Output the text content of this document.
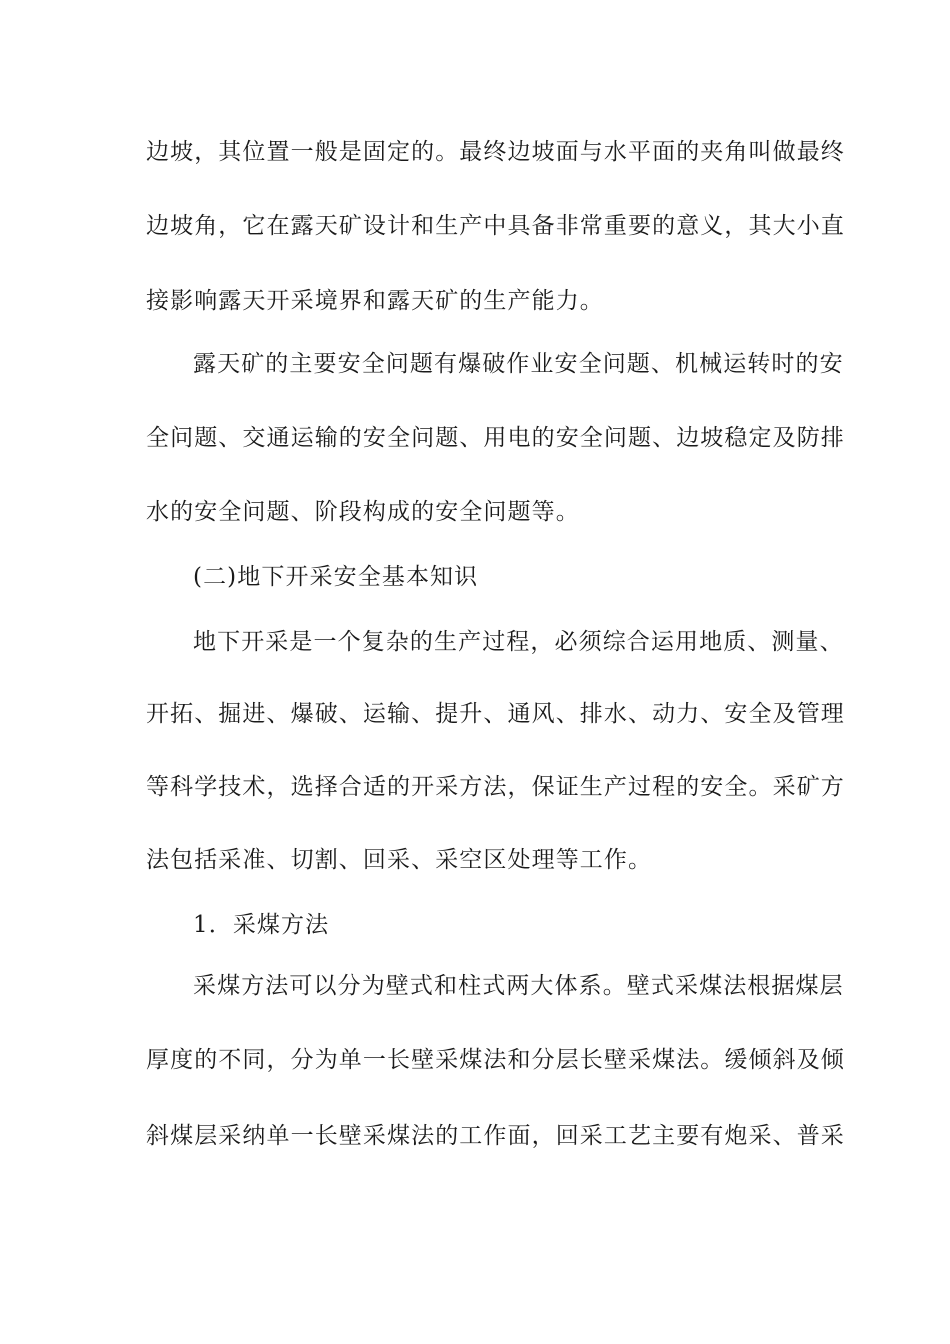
边坡，其位置一般是固定的。最终边坡面与水平面的夹角叫做最终
边坡角，它在露天矿设计和生产中具备非常重要的意义，其大小直
接影响露天开采境界和露天矿的生产能力。
露天矿的主要安全问题有爆破作业安全问题、机械运转时的安
全问题、交通运输的安全问题、用电的安全问题、边坡稳定及防排
水的安全问题、阶段构成的安全问题等。
(二)地下开采安全基本知识
地下开采是一个复杂的生产过程，必须综合运用地质、测量、
开拓、掘进、爆破、运输、提升、通风、排水、动力、安全及管理
等科学技术，选择合适的开采方法，保证生产过程的安全。采矿方
法包括采准、切割、回采、采空区处理等工作。
1．采煤方法
采煤方法可以分为壁式和柱式两大体系。壁式采煤法根据煤层
厚度的不同，分为单一长壁采煤法和分层长壁采煤法。缓倾斜及倾
斜煤层采纳单一长壁采煤法的工作面，回采工艺主要有炮采、普采
